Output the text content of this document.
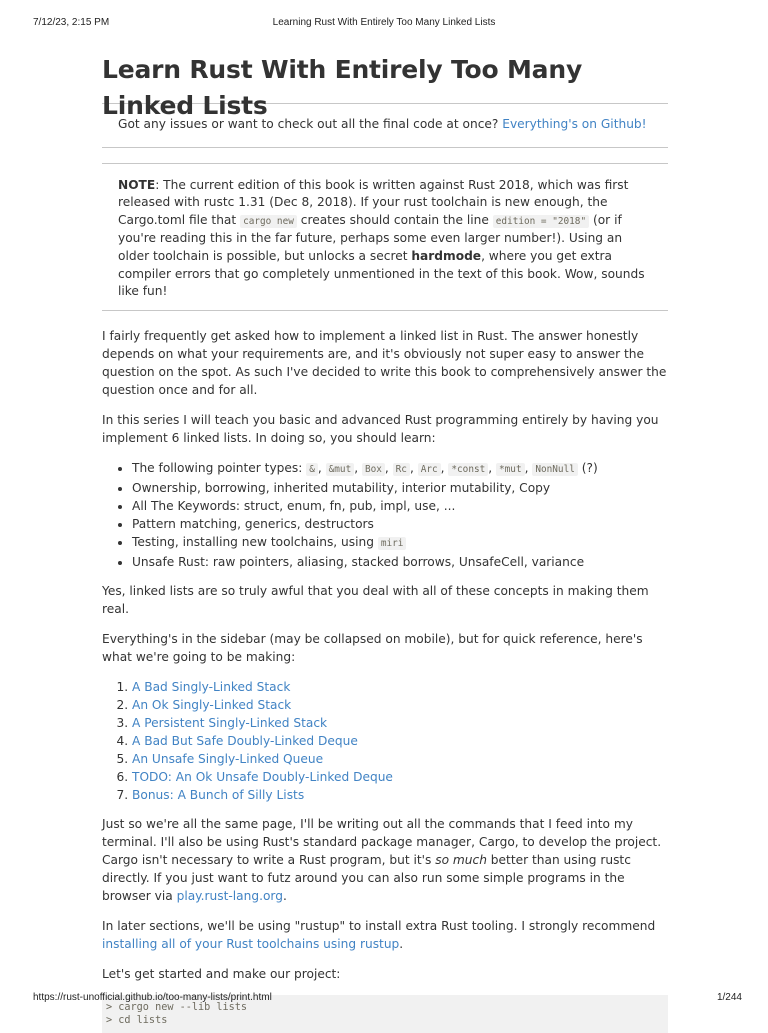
7/12/23, 2:15 PM	Learning Rust With Entirely Too Many Linked Lists
Learn Rust With Entirely Too Many Linked Lists
Got any issues or want to check out all the final code at once? Everything's on Github!
NOTE: The current edition of this book is written against Rust 2018, which was first released with rustc 1.31 (Dec 8, 2018). If your rust toolchain is new enough, the Cargo.toml file that cargo new creates should contain the line edition = "2018" (or if you're reading this in the far future, perhaps some even larger number!). Using an older toolchain is possible, but unlocks a secret hardmode, where you get extra compiler errors that go completely unmentioned in the text of this book. Wow, sounds like fun!

I fairly frequently get asked how to implement a linked list in Rust. The answer honestly depends on what your requirements are, and it's obviously not super easy to answer the question on the spot. As such I've decided to write this book to comprehensively answer the question once and for all.

In this series I will teach you basic and advanced Rust programming entirely by having you implement 6 linked lists. In doing so, you should learn:

• The following pointer types: & , &mut , Box , Rc , Arc , *const , *mut , NonNull (?)
• Ownership, borrowing, inherited mutability, interior mutability, Copy
• All The Keywords: struct, enum, fn, pub, impl, use, ...
• Pattern matching, generics, destructors
• Testing, installing new toolchains, using miri
• Unsafe Rust: raw pointers, aliasing, stacked borrows, UnsafeCell, variance

Yes, linked lists are so truly awful that you deal with all of these concepts in making them real.

Everything's in the sidebar (may be collapsed on mobile), but for quick reference, here's what we're going to be making:

1. A Bad Singly-Linked Stack
2. An Ok Singly-Linked Stack
3. A Persistent Singly-Linked Stack
4. A Bad But Safe Doubly-Linked Deque
5. An Unsafe Singly-Linked Queue
6. TODO: An Ok Unsafe Doubly-Linked Deque
7. Bonus: A Bunch of Silly Lists

Just so we're all the same page, I'll be writing out all the commands that I feed into my terminal. I'll also be using Rust's standard package manager, Cargo, to develop the project. Cargo isn't necessary to write a Rust program, but it's so much better than using rustc directly. If you just want to futz around you can also run some simple programs in the browser via play.rust-lang.org.

In later sections, we'll be using "rustup" to install extra Rust tooling. I strongly recommend installing all of your Rust toolchains using rustup.

Let's get started and make our project:

> cargo new --lib lists
> cd lists
https://rust-unofficial.github.io/too-many-lists/print.html	1/244
